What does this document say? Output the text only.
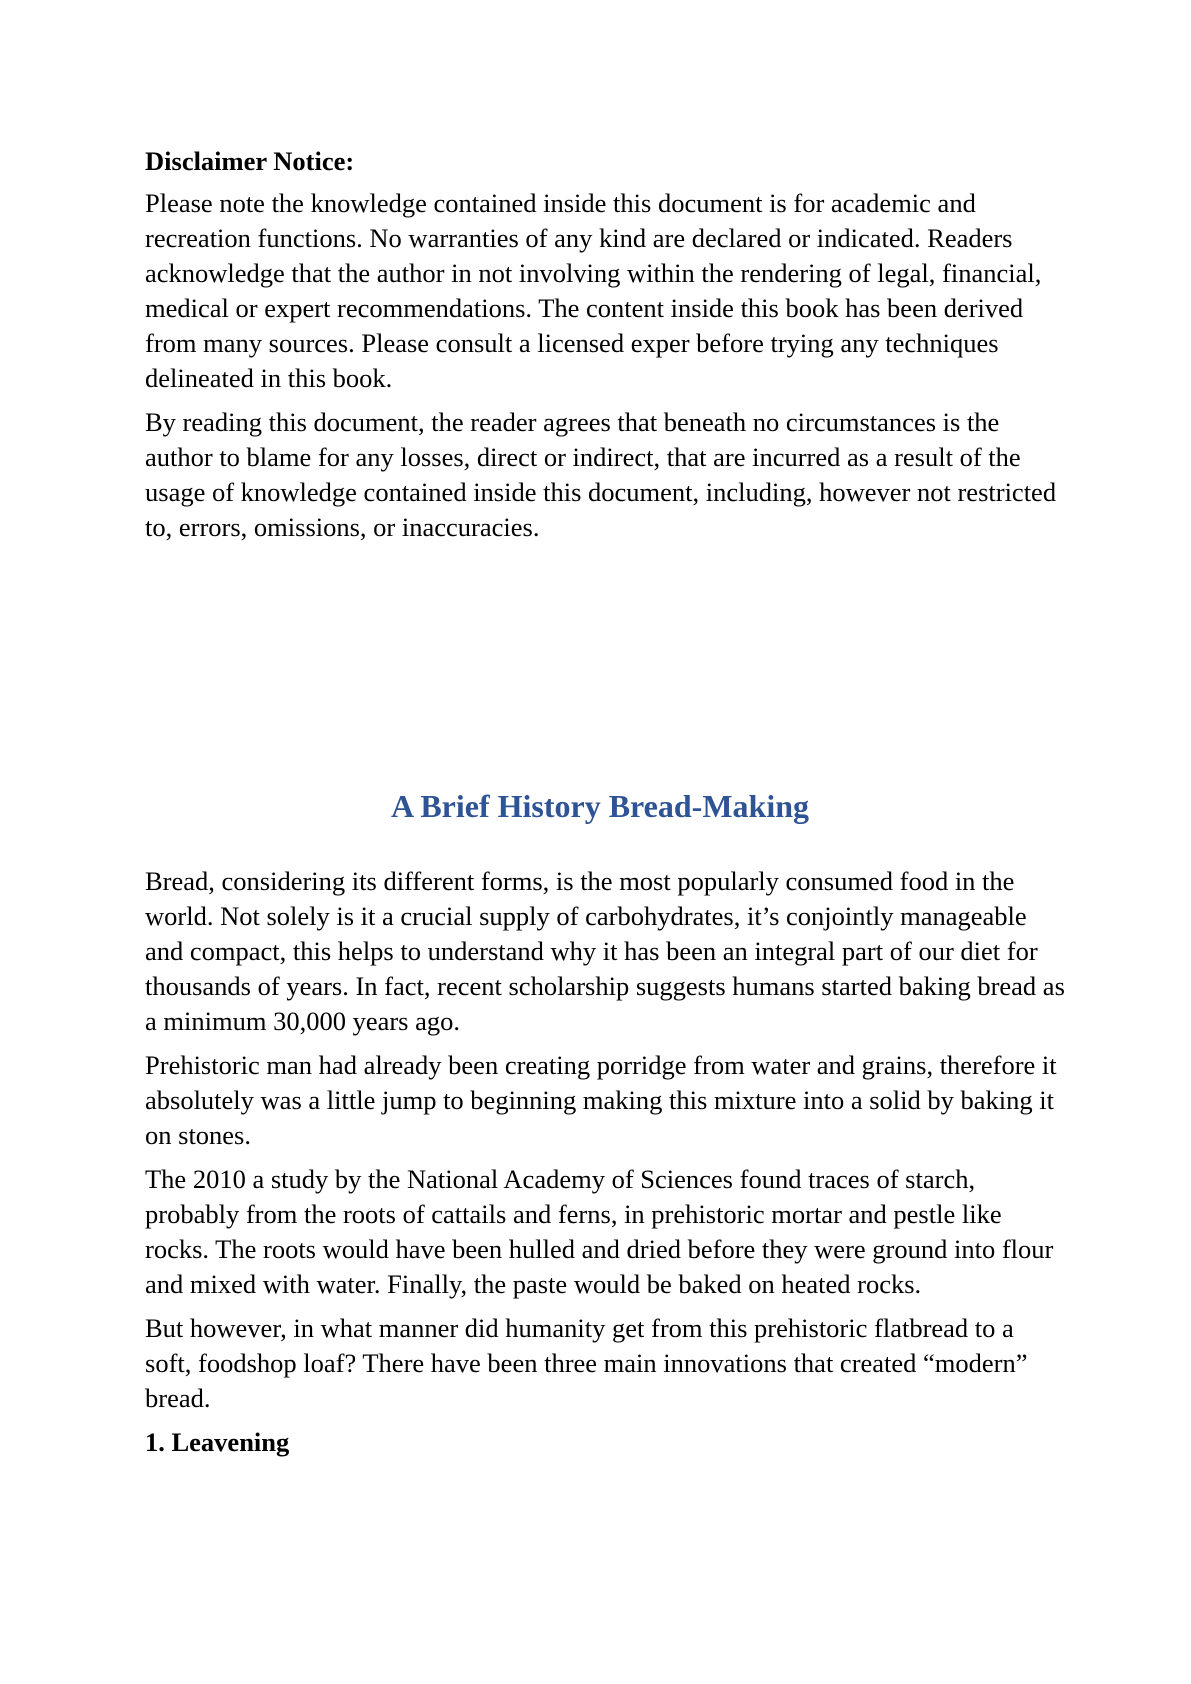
Disclaimer Notice:

Please note the knowledge contained inside this document is for academic and recreation functions. No warranties of any kind are declared or indicated. Readers acknowledge that the author in not involving within the rendering of legal, financial, medical or expert recommendations. The content inside this book has been derived from many sources. Please consult a licensed exper before trying any techniques delineated in this book.

By reading this document, the reader agrees that beneath no circumstances is the author to blame for any losses, direct or indirect, that are incurred as a result of the usage of knowledge contained inside this document, including, however not restricted to, errors, omissions, or inaccuracies.

A Brief History Bread-Making

Bread, considering its different forms, is the most popularly consumed food in the world. Not solely is it a crucial supply of carbohydrates, it’s conjointly manageable and compact, this helps to understand why it has been an integral part of our diet for thousands of years. In fact, recent scholarship suggests humans started baking bread as a minimum 30,000 years ago.

Prehistoric man had already been creating porridge from water and grains, therefore it absolutely was a little jump to beginning making this mixture into a solid by baking it on stones.

The 2010 a study by the National Academy of Sciences found traces of starch, probably from the roots of cattails and ferns, in prehistoric mortar and pestle like rocks. The roots would have been hulled and dried before they were ground into flour and mixed with water. Finally, the paste would be baked on heated rocks.

But however, in what manner did humanity get from this prehistoric flatbread to a soft, foodshop loaf? There have been three main innovations that created “modern” bread.

1. Leavening
